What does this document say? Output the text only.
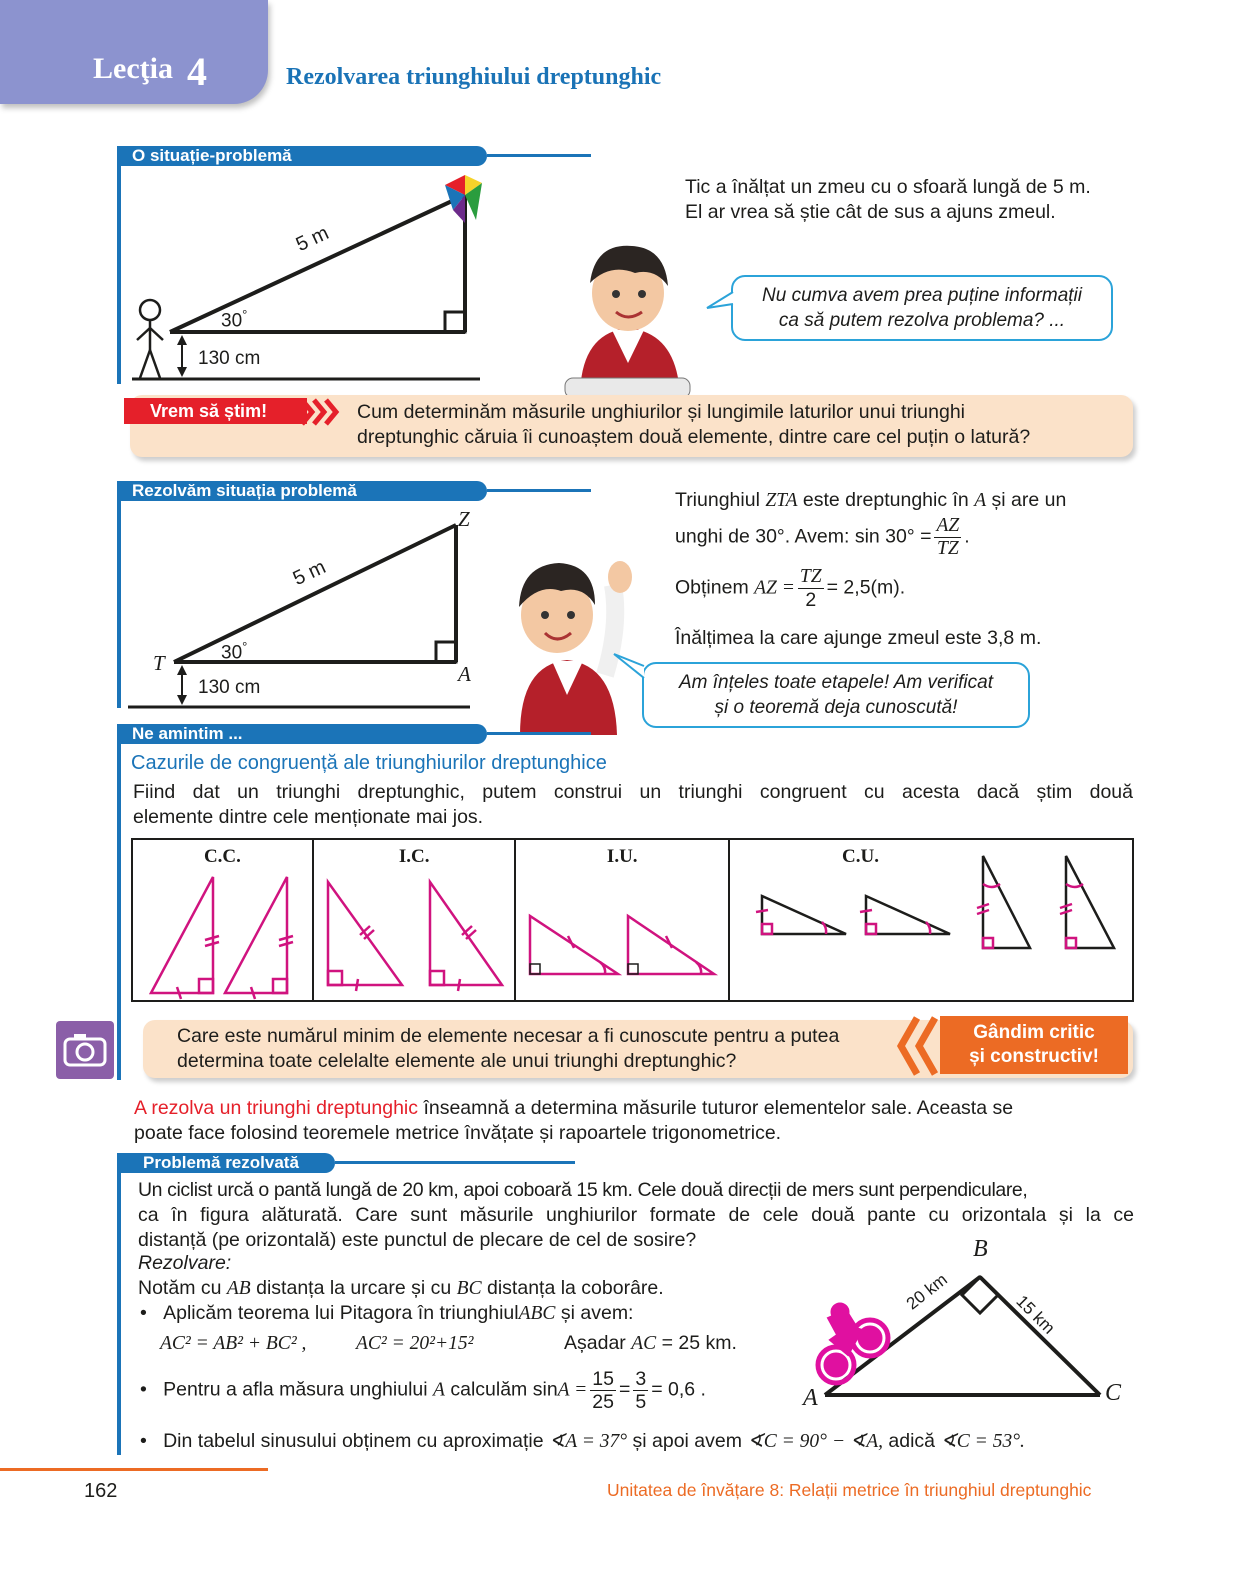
Lecţia 4	Rezolvarea triunghiului dreptunghic
O situație-problemă
5 m
30°
130 cm
Tic a înălțat un zmeu cu o sfoară lungă de 5 m.
El ar vrea să știe cât de sus a ajuns zmeul.
Nu cumva avem prea puține informații
ca să putem rezolva problema? ...
Vrem să știm!	Cum determinăm măsurile unghiurilor și lungimile laturilor unui triunghi
dreptunghic căruia îi cunoaștem două elemente, dintre care cel puțin o latură?
Rezolvăm situația problemă
Z
T	A
5 m
30°
130 cm
Triunghiul ZTA este dreptunghic în A și are un
unghi de 30°. Avem: $\sin 30^\circ = \frac{AZ}{TZ}$ .
Obținem AZ = $\frac{TZ}{2} = 2,5(m)$.
Înălțimea la care ajunge zmeul este 3,8 m.
Am înțeles toate etapele! Am verificat
și o teoremă deja cunoscută!
Ne amintim ...
Cazurile de congruență ale triunghiurilor dreptunghice
Fiind dat un triunghi dreptunghic, putem construi un triunghi congruent cu acesta dacă știm două
elemente dintre cele menționate mai jos.
C.C.	I.C.	I.U.	C.U.
Care este numărul minim de elemente necesar a fi cunoscute pentru a putea
determina toate celelalte elemente ale unui triunghi dreptunghic?
Gândim critic
și constructiv!
A rezolva un triunghi dreptunghic înseamnă a determina măsurile tuturor elementelor sale. Aceasta se
poate face folosind teoremele metrice învățate și rapoartele trigonometrice.
Problemă rezolvată
Un ciclist urcă o pantă lungă de 20 km, apoi coboară 15 km. Cele două direcții de mers sunt perpendiculare,
ca în figura alăturată. Care sunt măsurile unghiurilor formate de cele două pante cu orizontala și la ce
distanță (pe orizontală) este punctul de plecare de cel de sosire?
Rezolvare:
Notăm cu AB distanța la urcare și cu BC distanța la coborâre.
•   Aplicăm teorema lui Pitagora în triunghiulABC și avem:
AC² = AB² + BC² ,	AC² = 20²+15²	Așadar AC = 25 km.
•   Pentru a afla măsura unghiului A calculăm $\sin A = \frac{15}{25} = \frac{3}{5} = 0,6$ .
•   Din tabelul sinusului obținem cu aproximație ∢A = 37° și apoi avem ∢C = 90° − ∢A, adică ∢C = 53°.
A
B
C
20 km	15 km
162	Unitatea de învățare 8: Relații metrice în triunghiul dreptunghic
